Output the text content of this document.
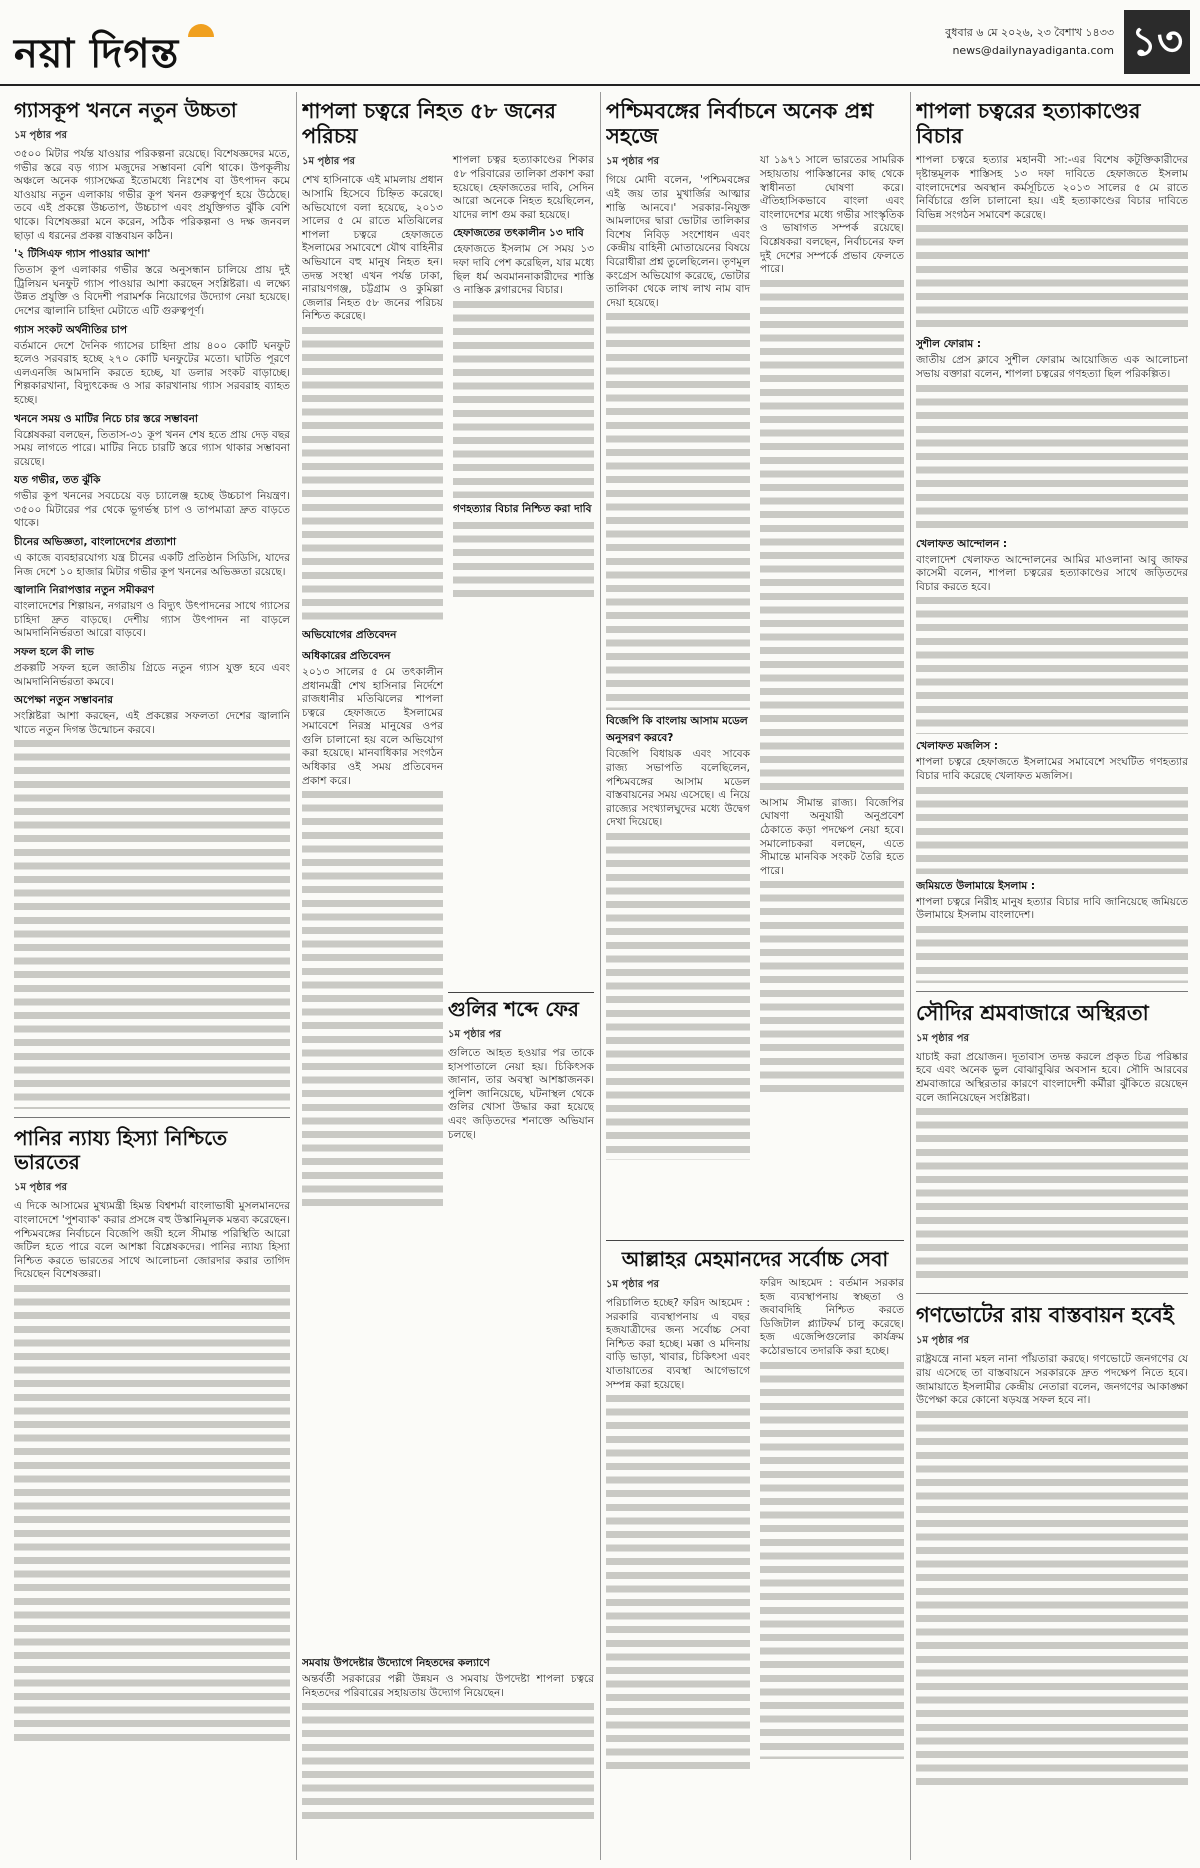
নয়া দিগন্ত	বুধবার ৬ মে ২০২৬, ২৩ বৈশাখ ১৪৩৩
news@dailynayadiganta.com ১৩
গ্যাসকূপ খননে নতুন উচ্চতা
১ম পৃষ্ঠার পর

৩৫০০ মিটার পর্যন্ত যাওয়ার পরিকল্পনা রয়েছে। বিশেষজ্ঞদের মতে, গভীর স্তরে বড় গ্যাস মজুদের সম্ভাবনা বেশি থাকে। উপকূলীয় অঞ্চলে অনেক গ্যাসক্ষেত্র ইতোমধ্যে নিঃশেষ বা উৎপাদন কমে যাওয়ায় নতুন এলাকায় গভীর কূপ খনন গুরুত্বপূর্ণ হয়ে উঠেছে। তবে এই প্রকল্পে উচ্চতাপ, উচ্চচাপ এবং প্রযুক্তিগত ঝুঁকি বেশি থাকে। বিশেষজ্ঞরা মনে করেন, সঠিক পরিকল্পনা ও দক্ষ জনবল ছাড়া এ ধরনের প্রকল্প বাস্তবায়ন কঠিন।

'২ টিসিএফ গ্যাস পাওয়ার আশা'

তিতাস কূপ এলাকার গভীর স্তরে অনুসন্ধান চালিয়ে প্রায় দুই ট্রিলিয়ন ঘনফুট গ্যাস পাওয়ার আশা করছেন সংশ্লিষ্টরা। এ লক্ষ্যে উন্নত প্রযুক্তি ও বিদেশী পরামর্শক নিয়োগের উদ্যোগ নেয়া হয়েছে। দেশের জ্বালানি চাহিদা মেটাতে এটি গুরুত্বপূর্ণ।

গ্যাস সংকট অর্থনীতির চাপ

বর্তমানে দেশে দৈনিক গ্যাসের চাহিদা প্রায় ৪০০ কোটি ঘনফুট হলেও সরবরাহ হচ্ছে ২৭০ কোটি ঘনফুটের মতো। ঘাটতি পূরণে এলএনজি আমদানি করতে হচ্ছে, যা ডলার সংকট বাড়াচ্ছে। শিল্পকারখানা, বিদ্যুৎকেন্দ্র ও সার কারখানায় গ্যাস সরবরাহ ব্যাহত হচ্ছে।

খননে সময় ও মাটির নিচে চার স্তরে সম্ভাবনা

বিশ্লেষকরা বলছেন, তিতাস-৩১ কূপ খনন শেষ হতে প্রায় দেড় বছর সময় লাগতে পারে। মাটির নিচে চারটি স্তরে গ্যাস থাকার সম্ভাবনা রয়েছে।

যত গভীর, তত ঝুঁকি

গভীর কূপ খননের সবচেয়ে বড় চ্যালেঞ্জ হচ্ছে উচ্চচাপ নিয়ন্ত্রণ। ৩৫০০ মিটারের পর থেকে ভূগর্ভস্থ চাপ ও তাপমাত্রা দ্রুত বাড়তে থাকে।

চীনের অভিজ্ঞতা, বাংলাদেশের প্রত্যাশা

এ কাজে ব্যবহারযোগ্য যন্ত্র চীনের একটি প্রতিষ্ঠান সিডিসি, যাদের নিজ দেশে ১০ হাজার মিটার গভীর কূপ খননের অভিজ্ঞতা রয়েছে।

জ্বালানি নিরাপত্তার নতুন সমীকরণ

বাংলাদেশের শিল্পায়ন, নগরায়ণ ও বিদ্যুৎ উৎপাদনের সাথে গ্যাসের চাহিদা দ্রুত বাড়ছে। দেশীয় গ্যাস উৎপাদন না বাড়লে আমদানিনির্ভরতা আরো বাড়বে।

সফল হলে কী লাভ

প্রকল্পটি সফল হলে জাতীয় গ্রিডে নতুন গ্যাস যুক্ত হবে এবং আমদানিনির্ভরতা কমবে।

অপেক্ষা নতুন সম্ভাবনার

সংশ্লিষ্টরা আশা করছেন, এই প্রকল্পের সফলতা দেশের জ্বালানি খাতে নতুন দিগন্ত উন্মোচন করবে।

পানির ন্যায্য হিস্যা নিশ্চিতে ভারতের
১ম পৃষ্ঠার পর

এ দিকে আসামের মুখ্যমন্ত্রী হিমন্ত বিশ্বশর্মা বাংলাভাষী মুসলমানদের বাংলাদেশে 'পুশব্যাক' করার প্রসঙ্গে বহু উস্কানিমূলক মন্তব্য করেছেন। পশ্চিমবঙ্গের নির্বাচনে বিজেপি জয়ী হলে সীমান্ত পরিস্থিতি আরো জটিল হতে পারে বলে আশঙ্কা বিশ্লেষকদের। পানির ন্যায্য হিস্যা নিশ্চিত করতে ভারতের সাথে আলোচনা জোরদার করার তাগিদ দিয়েছেন বিশেষজ্ঞরা।

শাপলা চত্বরে নিহত ৫৮ জনের পরিচয়
১ম পৃষ্ঠার পর

শেখ হাসিনাকে এই মামলায় প্রধান আসামি হিসেবে চিহ্নিত করেছে। অভিযোগে বলা হয়েছে, ২০১৩ সালের ৫ মে রাতে মতিঝিলের শাপলা চত্বরে হেফাজতে ইসলামের সমাবেশে যৌথ বাহিনীর অভিযানে বহু মানুষ নিহত হন। তদন্ত সংস্থা এখন পর্যন্ত ঢাকা, নারায়ণগঞ্জ, চট্টগ্রাম ও কুমিল্লা জেলার নিহত ৫৮ জনের পরিচয় নিশ্চিত করেছে।

অভিযোগের প্রতিবেদন
অধিকারের প্রতিবেদন

২০১৩ সালের ৫ মে তৎকালীন প্রধানমন্ত্রী শেখ হাসিনার নির্দেশে রাজধানীর মতিঝিলের শাপলা চত্বরে হেফাজতে ইসলামের সমাবেশে নিরস্ত্র মানুষের ওপর গুলি চালানো হয় বলে অভিযোগ করা হয়েছে। মানবাধিকার সংগঠন অধিকার ওই সময় প্রতিবেদন প্রকাশ করে।

শাপলা চত্বর হত্যাকাণ্ডের শিকার ৫৮ পরিবারের তালিকা প্রকাশ করা হয়েছে। হেফাজতের দাবি, সেদিন আরো অনেকে নিহত হয়েছিলেন, যাদের লাশ গুম করা হয়েছে।

হেফাজতের তৎকালীন ১৩ দাবি

হেফাজতে ইসলাম সে সময় ১৩ দফা দাবি পেশ করেছিল, যার মধ্যে ছিল ধর্ম অবমাননাকারীদের শাস্তি ও নাস্তিক ব্লগারদের বিচার।

গণহত্যার বিচার নিশ্চিত করা দাবি
গুলির শব্দে ফের
১ম পৃষ্ঠার পর

গুলিতে আহত হওয়ার পর তাকে হাসপাতালে নেয়া হয়। চিকিৎসক জানান, তার অবস্থা আশঙ্কাজনক। পুলিশ জানিয়েছে, ঘটনাস্থল থেকে গুলির খোসা উদ্ধার করা হয়েছে এবং জড়িতদের শনাক্তে অভিযান চলছে।

সমবায় উপদেষ্টার উদ্যোগে নিহতদের কল্যাণে

অন্তর্বর্তী সরকারের পল্লী উন্নয়ন ও সমবায় উপদেষ্টা শাপলা চত্বরে নিহতদের পরিবারের সহায়তায় উদ্যোগ নিয়েছেন।

পশ্চিমবঙ্গের নির্বাচনে অনেক প্রশ্ন সহজে
১ম পৃষ্ঠার পর

গিয়ে মোদী বলেন, 'পশ্চিমবঙ্গের এই জয় তার মুখার্জির আত্মার শান্তি আনবে।' সরকার-নিযুক্ত আমলাদের দ্বারা ভোটার তালিকার বিশেষ নিবিড় সংশোধন এবং কেন্দ্রীয় বাহিনী মোতায়েনের বিষয়ে বিরোধীরা প্রশ্ন তুলেছিলেন। তৃণমূল কংগ্রেস অভিযোগ করেছে, ভোটার তালিকা থেকে লাখ লাখ নাম বাদ দেয়া হয়েছে।

বিজেপি কি বাংলায় আসাম মডেল অনুসরণ করবে?

বিজেপি বিধায়ক এবং সাবেক রাজ্য সভাপতি বলেছিলেন, পশ্চিমবঙ্গের আসাম মডেল বাস্তবায়নের সময় এসেছে। এ নিয়ে রাজ্যের সংখ্যালঘুদের মধ্যে উদ্বেগ দেখা দিয়েছে।

যা ১৯৭১ সালে ভারতের সামরিক সহায়তায় পাকিস্তানের কাছ থেকে স্বাধীনতা ঘোষণা করে। ঐতিহাসিকভাবে বাংলা এবং বাংলাদেশের মধ্যে গভীর সাংস্কৃতিক ও ভাষাগত সম্পর্ক রয়েছে। বিশ্লেষকরা বলছেন, নির্বাচনের ফল দুই দেশের সম্পর্কে প্রভাব ফেলতে পারে।

আসাম সীমান্ত রাজ্য। বিজেপির ঘোষণা অনুযায়ী অনুপ্রবেশ ঠেকাতে কড়া পদক্ষেপ নেয়া হবে। সমালোচকরা বলছেন, এতে সীমান্তে মানবিক সংকট তৈরি হতে পারে।

আল্লাহর মেহমানদের সর্বোচ্চ সেবা
১ম পৃষ্ঠার পর

পরিচালিত হচ্ছে? ফরিদ আহমেদ : সরকারি ব্যবস্থাপনায় এ বছর হজযাত্রীদের জন্য সর্বোচ্চ সেবা নিশ্চিত করা হচ্ছে। মক্কা ও মদিনায় বাড়ি ভাড়া, খাবার, চিকিৎসা এবং যাতায়াতের ব্যবস্থা আগেভাগে সম্পন্ন করা হয়েছে।

ফরিদ আহমেদ : বর্তমান সরকার হজ ব্যবস্থাপনায় স্বচ্ছতা ও জবাবদিহি নিশ্চিত করতে ডিজিটাল প্ল্যাটফর্ম চালু করেছে। হজ এজেন্সিগুলোর কার্যক্রম কঠোরভাবে তদারকি করা হচ্ছে।

শাপলা চত্বরের হত্যাকাণ্ডের বিচার

শাপলা চত্বরে হত্যার মহানবী সা:-এর বিশেষ কটূক্তিকারীদের দৃষ্টান্তমূলক শাস্তিসহ ১৩ দফা দাবিতে হেফাজতে ইসলাম বাংলাদেশের অবস্থান কর্মসূচিতে ২০১৩ সালের ৫ মে রাতে নির্বিচারে গুলি চালানো হয়। এই হত্যাকাণ্ডের বিচার দাবিতে বিভিন্ন সংগঠন সমাবেশ করেছে।

সুশীল ফোরাম :

জাতীয় প্রেস ক্লাবে সুশীল ফোরাম আয়োজিত এক আলোচনা সভায় বক্তারা বলেন, শাপলা চত্বরের গণহত্যা ছিল পরিকল্পিত।

খেলাফত আন্দোলন :

বাংলাদেশ খেলাফত আন্দোলনের আমির মাওলানা আবু জাফর কাসেমী বলেন, শাপলা চত্বরের হত্যাকাণ্ডের সাথে জড়িতদের বিচার করতে হবে।

খেলাফত মজলিস :

শাপলা চত্বরে হেফাজতে ইসলামের সমাবেশে সংঘটিত গণহত্যার বিচার দাবি করেছে খেলাফত মজলিস।

জমিয়তে উলামায়ে ইসলাম :

শাপলা চত্বরে নিরীহ মানুষ হত্যার বিচার দাবি জানিয়েছে জমিয়তে উলামায়ে ইসলাম বাংলাদেশ।

সৌদির শ্রমবাজারে অস্থিরতা
১ম পৃষ্ঠার পর

যাচাই করা প্রয়োজন। দূতাবাস তদন্ত করলে প্রকৃত চিত্র পরিষ্কার হবে এবং অনেক ভুল বোঝাবুঝির অবসান হবে। সৌদি আরবের শ্রমবাজারে অস্থিরতার কারণে বাংলাদেশী কর্মীরা ঝুঁকিতে রয়েছেন বলে জানিয়েছেন সংশ্লিষ্টরা।

গণভোটের রায় বাস্তবায়ন হবেই
১ম পৃষ্ঠার পর

রাষ্ট্রযন্ত্রে নানা মহল নানা পাঁয়তারা করছে। গণভোটে জনগণের যে রায় এসেছে তা বাস্তবায়নে সরকারকে দ্রুত পদক্ষেপ নিতে হবে। জামায়াতে ইসলামীর কেন্দ্রীয় নেতারা বলেন, জনগণের আকাঙ্ক্ষা উপেক্ষা করে কোনো ষড়যন্ত্র সফল হবে না।
